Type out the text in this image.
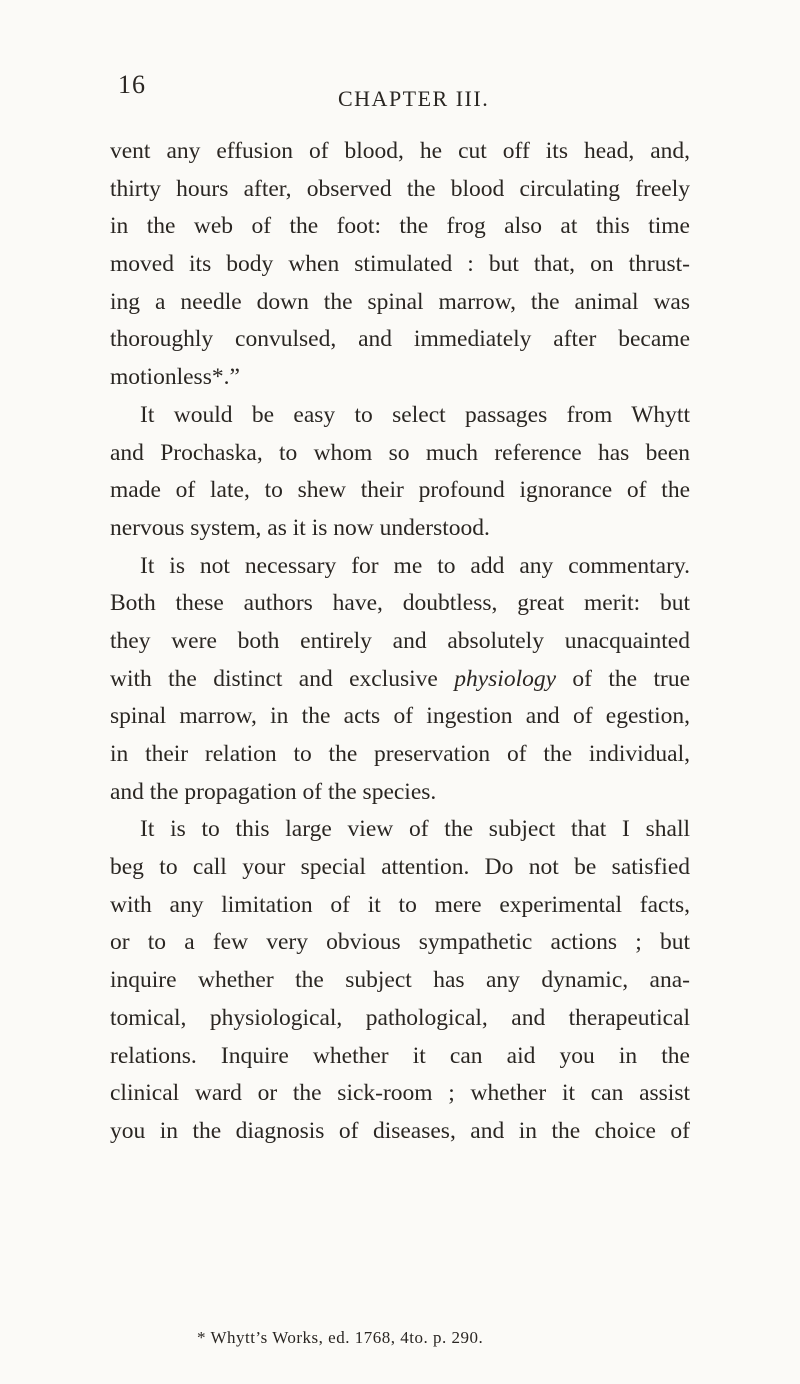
16	CHAPTER III.
vent any effusion of blood, he cut off its head, and,
thirty hours after, observed the blood circulating freely
in the web of the foot: the frog also at this time
moved its body when stimulated : but that, on thrust-
ing a needle down the spinal marrow, the animal was
thoroughly convulsed, and immediately after became
motionless*.”
It would be easy to select passages from Whytt
and Prochaska, to whom so much reference has been
made of late, to shew their profound ignorance of the
nervous system, as it is now understood.
It is not necessary for me to add any commentary.
Both these authors have, doubtless, great merit: but
they were both entirely and absolutely unacquainted
with the distinct and exclusive physiology of the true
spinal marrow, in the acts of ingestion and of egestion,
in their relation to the preservation of the individual,
and the propagation of the species.
It is to this large view of the subject that I shall
beg to call your special attention. Do not be satisfied
with any limitation of it to mere experimental facts,
or to a few very obvious sympathetic actions ; but
inquire whether the subject has any dynamic, ana-
tomical, physiological, pathological, and therapeutical
relations. Inquire whether it can aid you in the
clinical ward or the sick-room ; whether it can assist
you in the diagnosis of diseases, and in the choice of
* Whytt’s Works, ed. 1768, 4to. p. 290.
